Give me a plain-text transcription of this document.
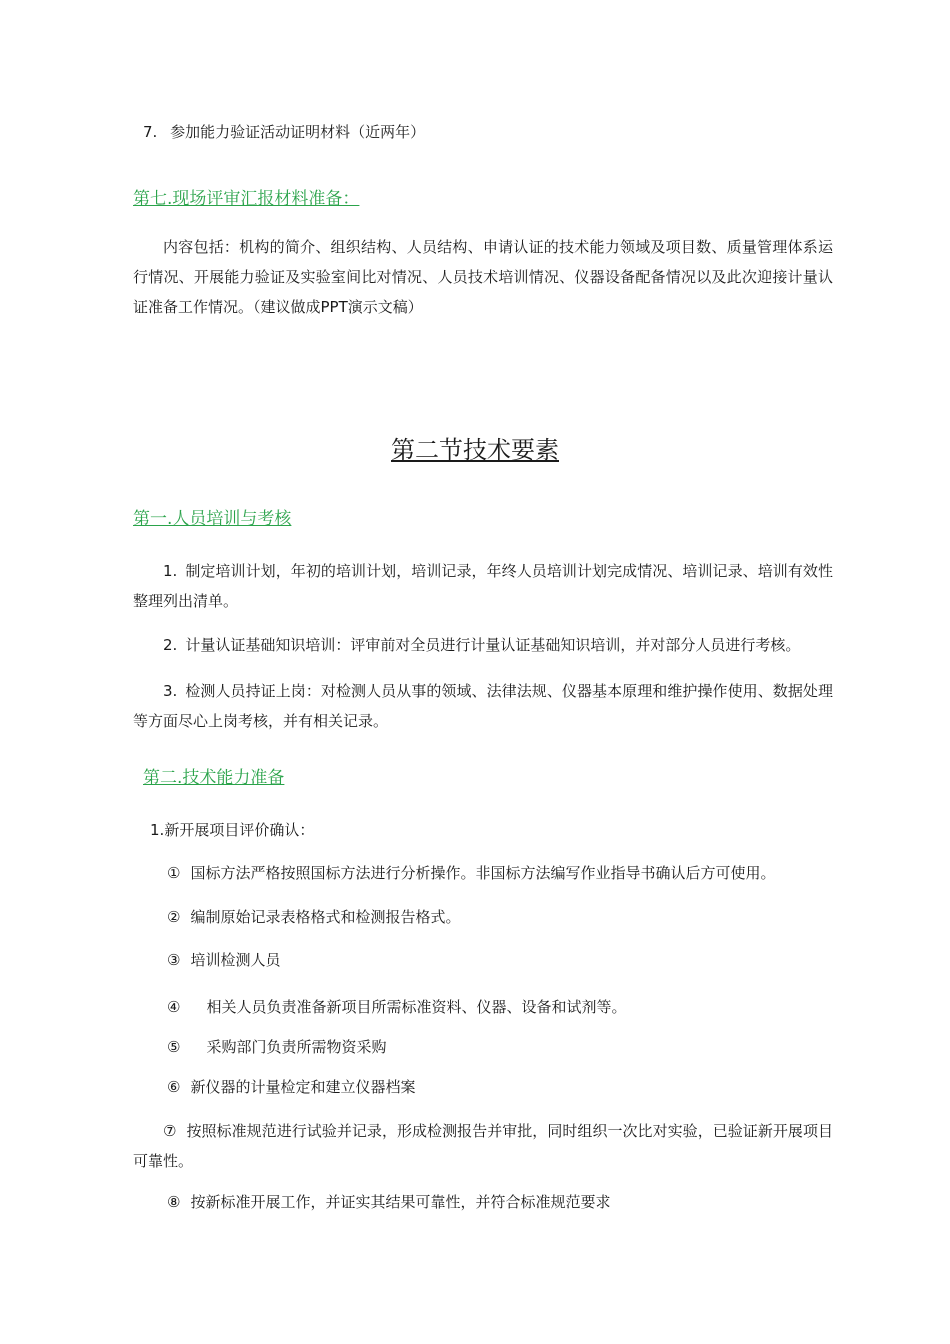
7. 参加能力验证活动证明材料（近两年）
第七.现场评审汇报材料准备：
内容包括：机构的简介、组织结构、人员结构、申请认证的技术能力领域及项目数、质量管理体系运行情况、开展能力验证及实验室间比对情况、人员技术培训情况、仪器设备配备情况以及此次迎接计量认证准备工作情况。（建议做成PPT演示文稿）
第二节技术要素
第一.人员培训与考核
1. 制定培训计划，年初的培训计划，培训记录，年终人员培训计划完成情况、培训记录、培训有效性整理列出清单。
2. 计量认证基础知识培训：评审前对全员进行计量认证基础知识培训，并对部分人员进行考核。
3. 检测人员持证上岗：对检测人员从事的领域、法律法规、仪器基本原理和维护操作使用、数据处理等方面尽心上岗考核，并有相关记录。
第二.技术能力准备
1.新开展项目评价确认：
① 国标方法严格按照国标方法进行分析操作。非国标方法编写作业指导书确认后方可使用。
② 编制原始记录表格格式和检测报告格式。
③ 培训检测人员
④ 相关人员负责准备新项目所需标准资料、仪器、设备和试剂等。
⑤ 采购部门负责所需物资采购
⑥ 新仪器的计量检定和建立仪器档案
⑦ 按照标准规范进行试验并记录，形成检测报告并审批，同时组织一次比对实验，已验证新开展项目可靠性。
⑧ 按新标准开展工作，并证实其结果可靠性，并符合标准规范要求
